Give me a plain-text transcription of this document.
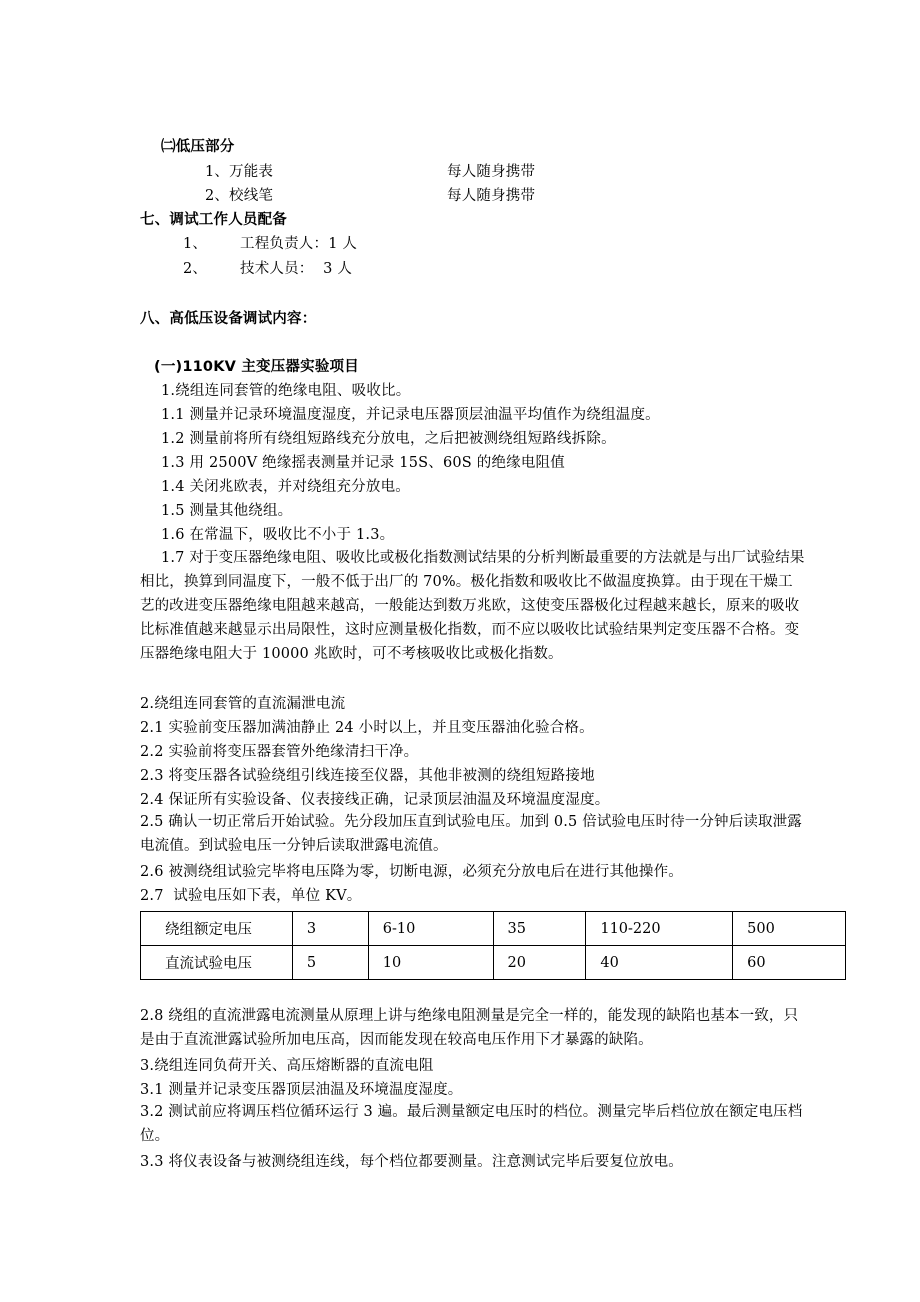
㈡低压部分
1、 万能表	每人随身携带
2、 校线笔	每人随身携带
七、调试工作人员配备
1、 工程负责人：1 人
2、 技术人员：  3 人
八、高低压设备调试内容：
(一)110KV 主变压器实验项目
1.绕组连同套管的绝缘电阻、吸收比。
1.1 测量并记录环境温度湿度，并记录电压器顶层油温平均值作为绕组温度。
1.2 测量前将所有绕组短路线充分放电，之后把被测绕组短路线拆除。
1.3 用 2500V 绝缘摇表测量并记录 15S、60S 的绝缘电阻值
1.4 关闭兆欧表，并对绕组充分放电。
1.5 测量其他绕组。
1.6 在常温下，吸收比不小于 1.3。
1.7 对于变压器绝缘电阻、吸收比或极化指数测试结果的分析判断最重要的方法就是与出厂试验结果相比，换算到同温度下，一般不低于出厂的 70%。极化指数和吸收比不做温度换算。由于现在干燥工艺的改进变压器绝缘电阻越来越高，一般能达到数万兆欧，这使变压器极化过程越来越长，原来的吸收比标准值越来越显示出局限性，这时应测量极化指数，而不应以吸收比试验结果判定变压器不合格。变压器绝缘电阻大于 10000 兆欧时，可不考核吸收比或极化指数。
2.绕组连同套管的直流漏泄电流
2.1 实验前变压器加满油静止 24 小时以上，并且变压器油化验合格。
2.2 实验前将变压器套管外绝缘清扫干净。
2.3 将变压器各试验绕组引线连接至仪器，其他非被测的绕组短路接地
2.4 保证所有实验设备、仪表接线正确，记录顶层油温及环境温度湿度。
2.5 确认一切正常后开始试验。先分段加压直到试验电压。加到 0.5 倍试验电压时待一分钟后读取泄露电流值。到试验电压一分钟后读取泄露电流值。
2.6 被测绕组试验完毕将电压降为零，切断电源，必须充分放电后在进行其他操作。
2.7  试验电压如下表，单位 KV。
绕组额定电压	3	6-10	35	110-220	500
直流试验电压	5	10	20	40	60
2.8 绕组的直流泄露电流测量从原理上讲与绝缘电阻测量是完全一样的，能发现的缺陷也基本一致，只是由于直流泄露试验所加电压高，因而能发现在较高电压作用下才暴露的缺陷。
3.绕组连同负荷开关、高压熔断器的直流电阻
3.1 测量并记录变压器顶层油温及环境温度湿度。
3.2 测试前应将调压档位循环运行 3 遍。最后测量额定电压时的档位。测量完毕后档位放在额定电压档位。
3.3 将仪表设备与被测绕组连线，每个档位都要测量。注意测试完毕后要复位放电。
